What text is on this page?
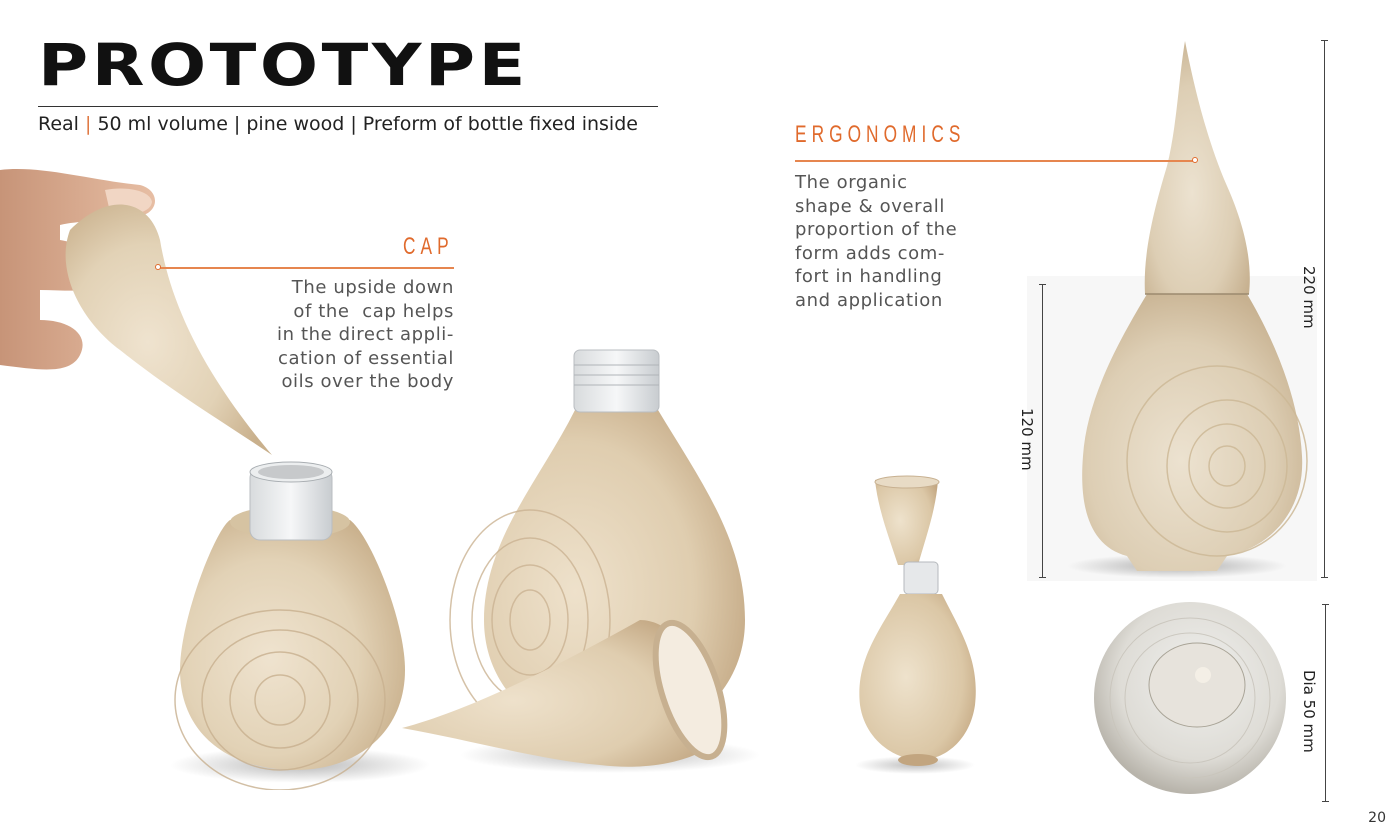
PROTOTYPE
Real | 50 ml volume | pine wood | Preform of bottle fixed inside
CAP
The upside down
of the  cap helps
in the direct appli-
cation of essential
oils over the body
ERGONOMICS
The organic
shape & overall
proportion of the
form adds com-
fort in handling
and application	220 mm
120 mm
Dia 50 mm
20
